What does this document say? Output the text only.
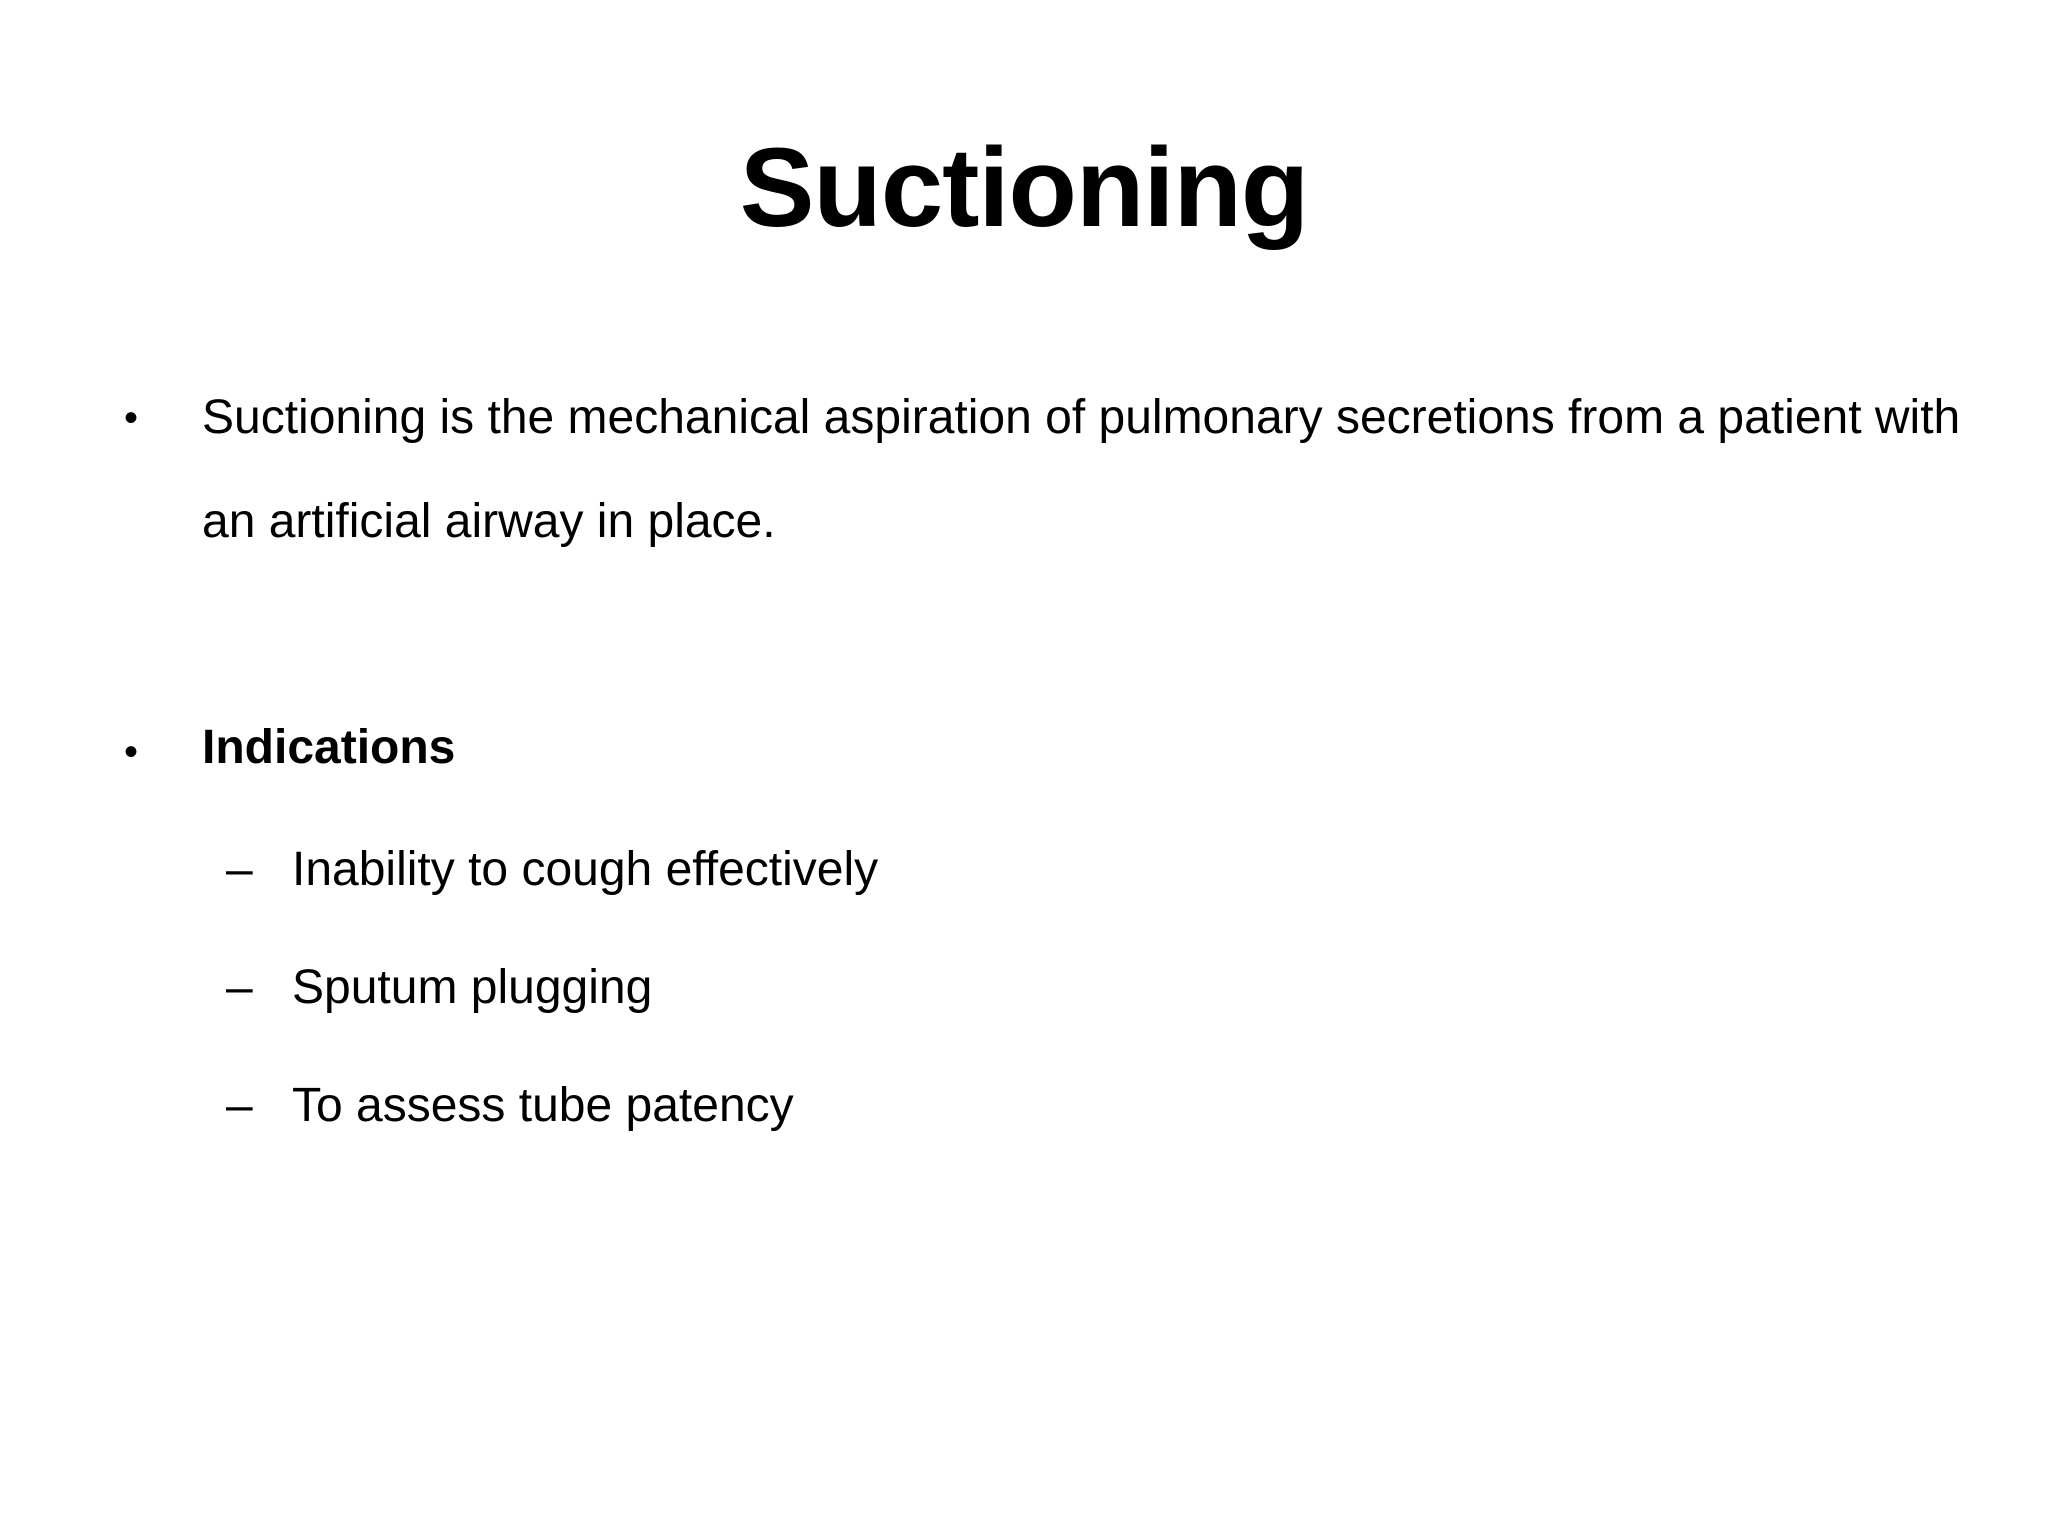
Suctioning
• Suctioning is the mechanical aspiration of pulmonary secretions from a patient with an artificial airway in place.
• Indications
– Inability to cough effectively
– Sputum plugging
– To assess tube patency
